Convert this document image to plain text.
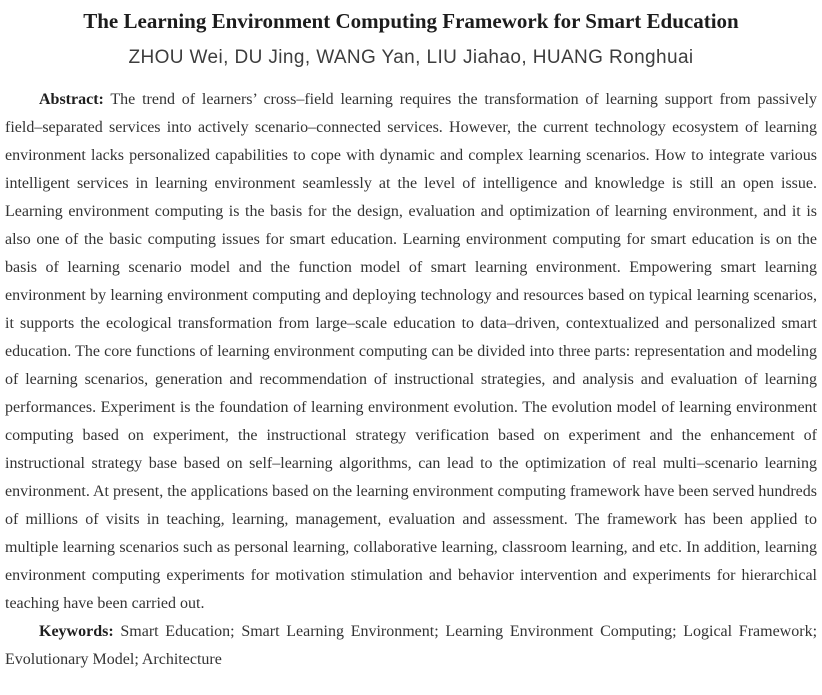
The Learning Environment Computing Framework for Smart Education
ZHOU Wei, DU Jing, WANG Yan, LIU Jiahao, HUANG Ronghuai

Abstract: The trend of learners’ cross–field learning requires the transformation of learning support from passively field–separated services into actively scenario–connected services. However, the current technology ecosystem of learning environment lacks personalized capabilities to cope with dynamic and complex learning scenarios. How to integrate various intelligent services in learning environment seamlessly at the level of intelligence and knowledge is still an open issue. Learning environment computing is the basis for the design, evaluation and optimization of learning environment, and it is also one of the basic computing issues for smart education. Learning environment computing for smart education is on the basis of learning scenario model and the function model of smart learning environment. Empowering smart learning environment by learning environment computing and deploying technology and resources based on typical learning scenarios, it supports the ecological transformation from large–scale education to data–driven, contextualized and personalized smart education. The core functions of learning environment computing can be divided into three parts: representation and modeling of learning scenarios, generation and recommendation of instructional strategies, and analysis and evaluation of learning performances. Experiment is the foundation of learning environment evolution. The evolution model of learning environment computing based on experiment, the instructional strategy verification based on experiment and the enhancement of instructional strategy base based on self–learning algorithms, can lead to the optimization of real multi–scenario learning environment. At present, the applications based on the learning environment computing framework have been served hundreds of millions of visits in teaching, learning, management, evaluation and assessment. The framework has been applied to multiple learning scenarios such as personal learning, collaborative learning, classroom learning, and etc. In addition, learning environment computing experiments for motivation stimulation and behavior intervention and experiments for hierarchical teaching have been carried out.

Keywords: Smart Education; Smart Learning Environment; Learning Environment Computing; Logical Framework; Evolutionary Model; Architecture
